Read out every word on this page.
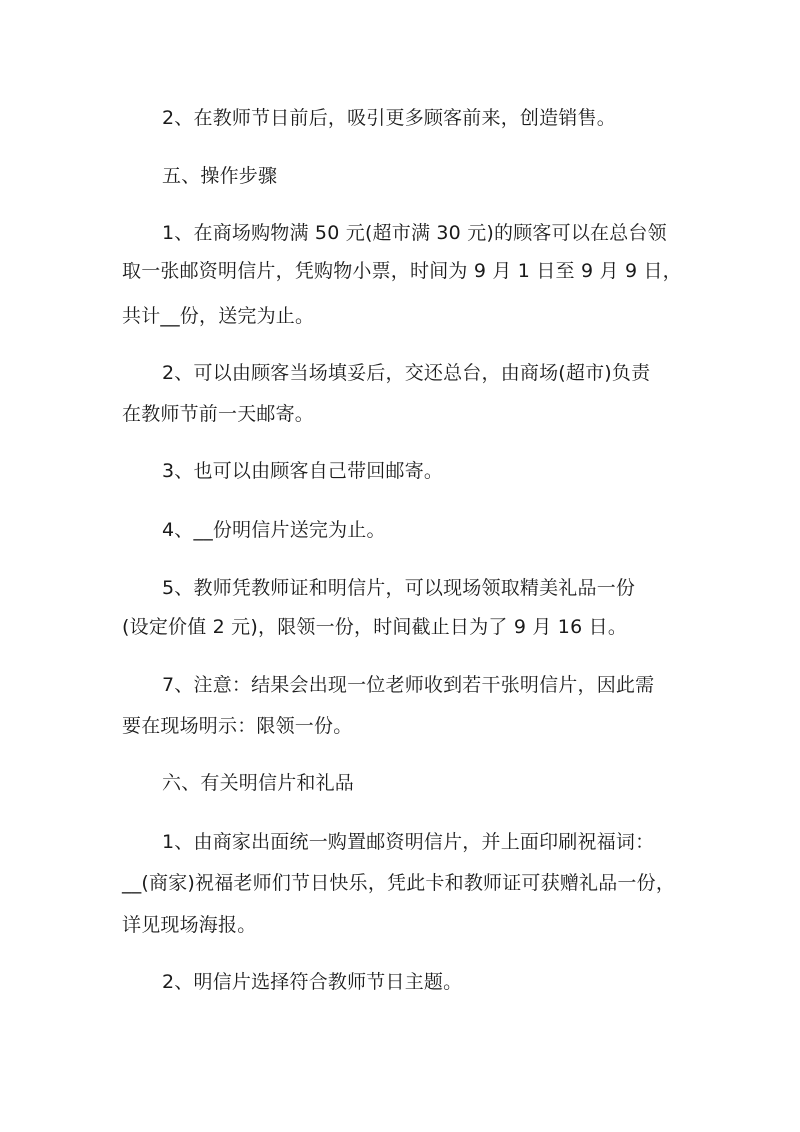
2、在教师节日前后，吸引更多顾客前来，创造销售。
五、操作步骤
1、在商场购物满 50 元(超市满 30 元)的顾客可以在总台领
取一张邮资明信片，凭购物小票，时间为 9 月 1 日至 9 月 9 日，
共计__份，送完为止。
2、可以由顾客当场填妥后，交还总台，由商场(超市)负责
在教师节前一天邮寄。
3、也可以由顾客自己带回邮寄。
4、__份明信片送完为止。
5、教师凭教师证和明信片，可以现场领取精美礼品一份
(设定价值 2 元)，限领一份，时间截止日为了 9 月 16 日。
7、注意：结果会出现一位老师收到若干张明信片，因此需
要在现场明示：限领一份。
六、有关明信片和礼品
1、由商家出面统一购置邮资明信片，并上面印刷祝福词：
__(商家)祝福老师们节日快乐，凭此卡和教师证可获赠礼品一份，
详见现场海报。
2、明信片选择符合教师节日主题。
